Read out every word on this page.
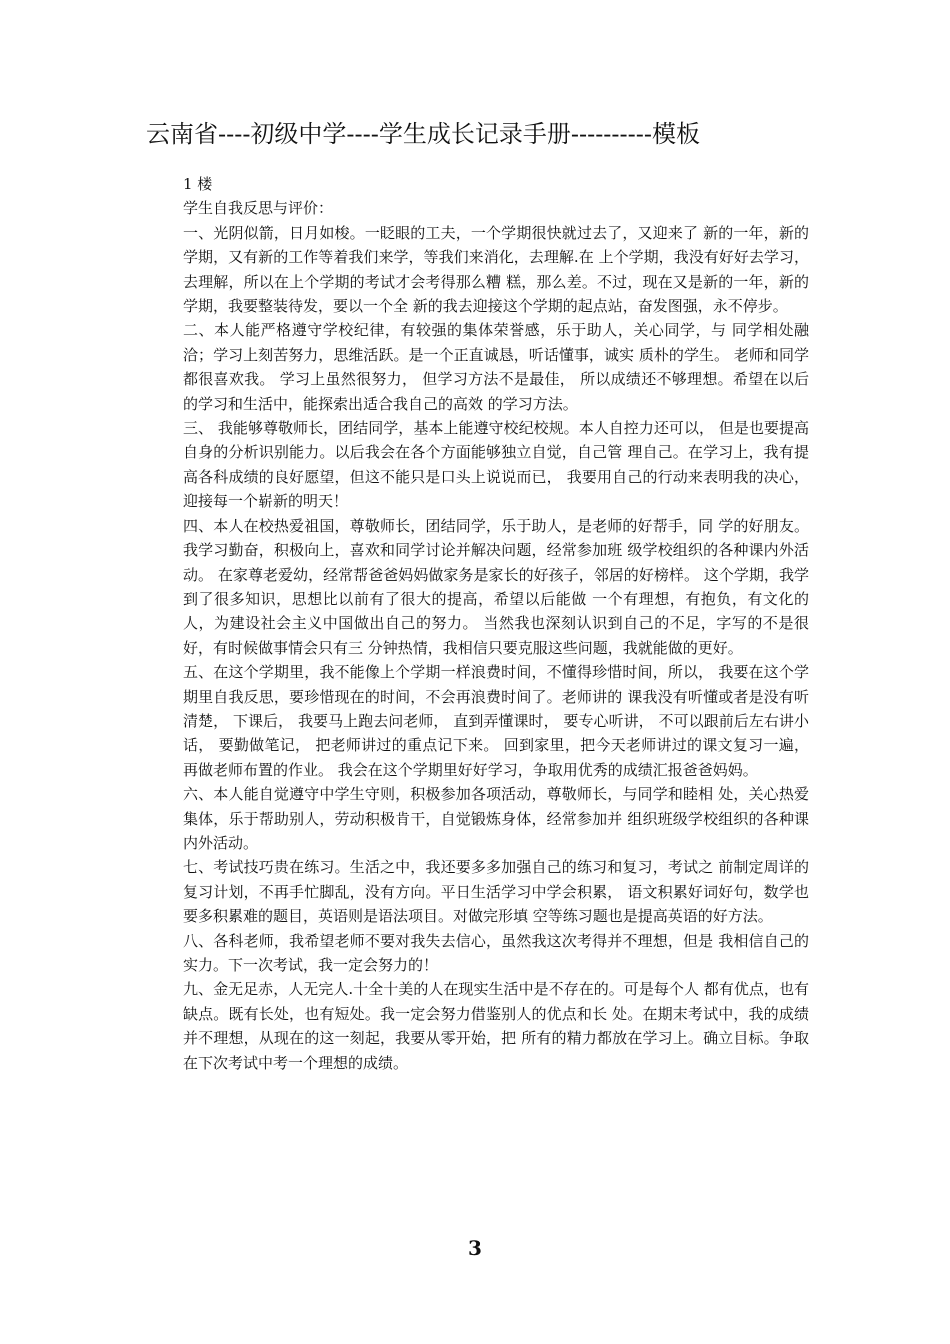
云南省----初级中学----学生成长记录手册----------模板

1 楼

学生自我反思与评价：

一、光阴似箭，日月如梭。一眨眼的工夫，一个学期很快就过去了，又迎来了 新的一年，新的学期，又有新的工作等着我们来学，等我们来消化，去理解.在 上个学期，我没有好好去学习，去理解，所以在上个学期的考试才会考得那么糟 糕，那么差。不过，现在又是新的一年，新的学期，我要整装待发，要以一个全 新的我去迎接这个学期的起点站，奋发图强，永不停步。

二、本人能严格遵守学校纪律，有较强的集体荣誉感，乐于助人，关心同学，与 同学相处融洽；学习上刻苦努力，思维活跃。是一个正直诚恳，听话懂事，诚实 质朴的学生。 老师和同学都很喜欢我。 学习上虽然很努力， 但学习方法不是最佳， 所以成绩还不够理想。希望在以后的学习和生活中，能探索出适合我自己的高效 的学习方法。

三、 我能够尊敬师长，团结同学，基本上能遵守校纪校规。本人自控力还可以， 但是也要提高自身的分析识别能力。以后我会在各个方面能够独立自觉，自己管 理自己。在学习上，我有提高各科成绩的良好愿望，但这不能只是口头上说说而已， 我要用自己的行动来表明我的决心，迎接每一个崭新的明天！

四、本人在校热爱祖国，尊敬师长，团结同学，乐于助人，是老师的好帮手，同 学的好朋友。我学习勤奋，积极向上，喜欢和同学讨论并解决问题，经常参加班 级学校组织的各种课内外活动。 在家尊老爱幼，经常帮爸爸妈妈做家务是家长的好孩子，邻居的好榜样。 这个学期，我学到了很多知识，思想比以前有了很大的提高，希望以后能做 一个有理想，有抱负，有文化的人，为建设社会主义中国做出自己的努力。 当然我也深刻认识到自己的不足，字写的不是很好，有时候做事情会只有三 分钟热情，我相信只要克服这些问题，我就能做的更好。

五、在这个学期里，我不能像上个学期一样浪费时间，不懂得珍惜时间，所以， 我要在这个学期里自我反思，要珍惜现在的时间，不会再浪费时间了。老师讲的 课我没有听懂或者是没有听清楚， 下课后， 我要马上跑去问老师， 直到弄懂课时， 要专心听讲， 不可以跟前后左右讲小话， 要勤做笔记， 把老师讲过的重点记下来。 回到家里，把今天老师讲过的课文复习一遍，再做老师布置的作业。 我会在这个学期里好好学习，争取用优秀的成绩汇报爸爸妈妈。

六、本人能自觉遵守中学生守则，积极参加各项活动，尊敬师长，与同学和睦相 处，关心热爱集体，乐于帮助别人，劳动积极肯干，自觉锻炼身体，经常参加并 组织班级学校组织的各种课内外活动。

七、考试技巧贵在练习。生活之中，我还要多多加强自己的练习和复习，考试之 前制定周详的复习计划，不再手忙脚乱，没有方向。平日生活学习中学会积累， 语文积累好词好句，数学也要多积累难的题目，英语则是语法项目。对做完形填 空等练习题也是提高英语的好方法。

八、各科老师，我希望老师不要对我失去信心，虽然我这次考得并不理想，但是 我相信自己的实力。下一次考试，我一定会努力的！

九、金无足赤，人无完人.十全十美的人在现实生活中是不存在的。可是每个人 都有优点，也有缺点。既有长处，也有短处。我一定会努力借鉴别人的优点和长 处。在期末考试中，我的成绩并不理想，从现在的这一刻起，我要从零开始，把 所有的精力都放在学习上。确立目标。争取在下次考试中考一个理想的成绩。

3
